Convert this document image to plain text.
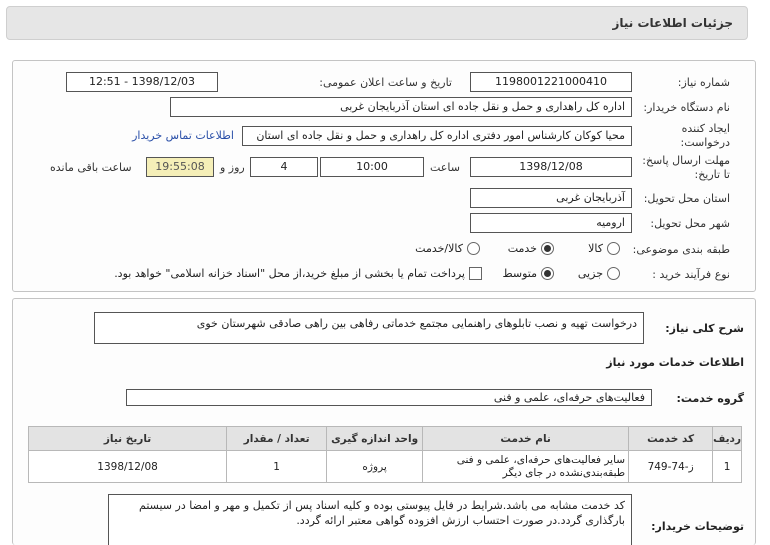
جزئیات اطلاعات نیاز
شماره نیاز:
1198001221000410
تاریخ و ساعت اعلان عمومی:
1398/12/03 - 12:51
نام دستگاه خریدار:
اداره کل راهداری و حمل و نقل جاده ای استان آذربایجان غربی
ایجاد کننده درخواست:
محیا کوکان کارشناس امور دفتری اداره کل راهداری و حمل و نقل جاده ای استان
اطلاعات تماس خریدار
مهلت ارسال پاسخ: تا تاریخ:
1398/12/08
ساعت
10:00
4
روز و
19:55:08
ساعت باقی مانده
استان محل تحویل:
آذربایجان غربی
شهر محل تحویل:
ارومیه
طبقه بندی موضوعی:
کالا
خدمت
کالا/خدمت
نوع فرآیند خرید :
جزیی
متوسط
پرداخت تمام یا بخشی از مبلغ خرید،از محل "اسناد خزانه اسلامی" خواهد بود.
شرح کلی نیاز:
درخواست تهیه و نصب تابلوهای راهنمایی مجتمع خدماتی رفاهی بین راهی صادقی شهرستان خوی
اطلاعات خدمات مورد نیاز
گروه خدمت:
فعالیت‌های حرفه‌ای، علمی و فنی
ردیف	کد خدمت	نام خدمت	واحد اندازه گیری	تعداد / مقدار	تاریخ نیاز
1	ز-74-749	سایر فعالیت‌های حرفه‌ای، علمی و فنی طبقه‌بندی‌نشده در جای دیگر	پروژه	1	1398/12/08
توضیحات خریدار:
کد خدمت مشابه می باشد.شرایط در فایل پیوستی بوده و کلیه اسناد پس از تکمیل و مهر و امضا در سیستم بارگذاری گردد.در صورت احتساب ارزش افزوده گواهی معتبر ارائه گردد.
